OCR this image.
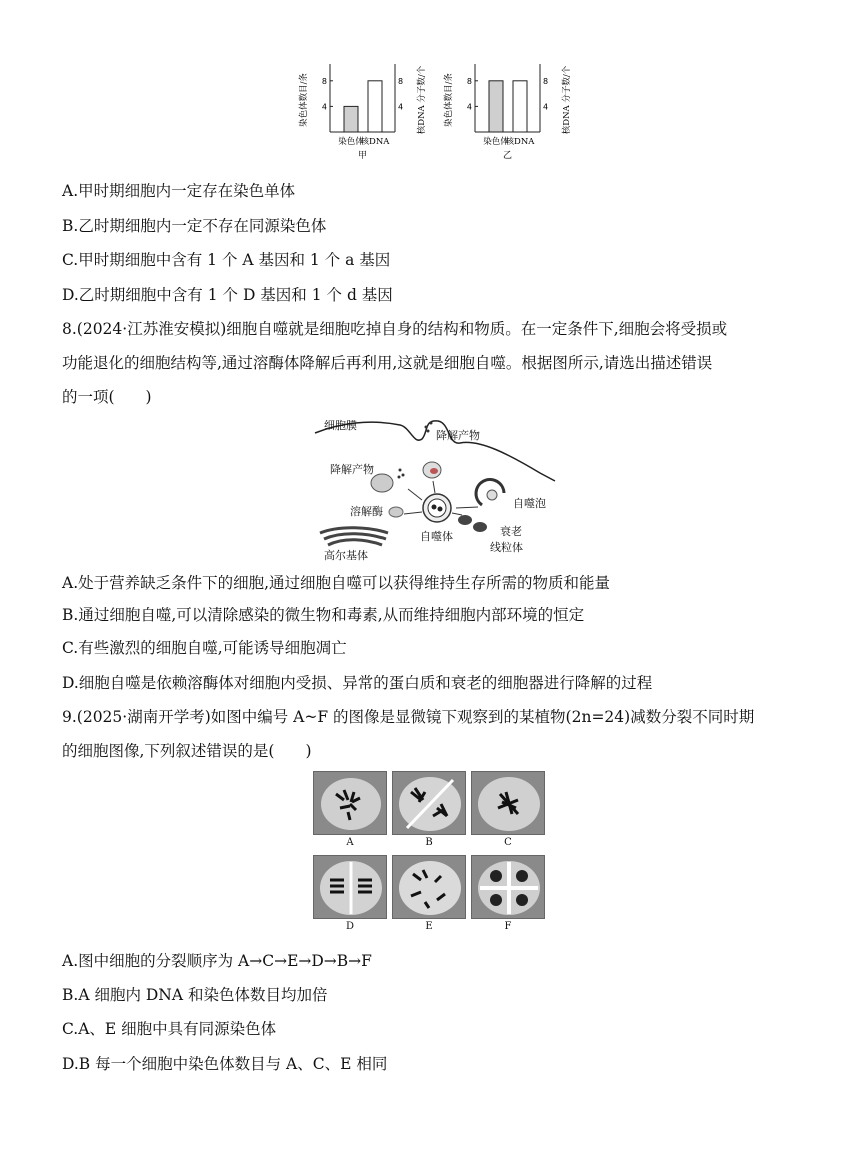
染色体数目/条	核DNA 分子数/个
4	4
8	8
染色体
核DNA
甲
染色体数目/条	核DNA 分子数/个
4	4
8	8
染色体
核DNA
乙
A.甲时期细胞内一定存在染色单体
B.乙时期细胞内一定不存在同源染色体
C.甲时期细胞中含有 1 个 A 基因和 1 个 a 基因
D.乙时期细胞中含有 1 个 D 基因和 1 个 d 基因
8.(2024·江苏淮安模拟)细胞自噬就是细胞吃掉自身的结构和物质。在一定条件下,细胞会将受损或
功能退化的细胞结构等,通过溶酶体降解后再利用,这就是细胞自噬。根据图所示,请选出描述错误
的一项(　　)
细胞膜
降解产物
降解产物
溶解酶
高尔基体
自噬体
自噬泡
衰老
线粒体
A.处于营养缺乏条件下的细胞,通过细胞自噬可以获得维持生存所需的物质和能量
B.通过细胞自噬,可以清除感染的微生物和毒素,从而维持细胞内部环境的恒定
C.有些激烈的细胞自噬,可能诱导细胞凋亡
D.细胞自噬是依赖溶酶体对细胞内受损、异常的蛋白质和衰老的细胞器进行降解的过程
9.(2025·湖南开学考)如图中编号 A~F 的图像是显微镜下观察到的某植物(2n=24)减数分裂不同时期
的细胞图像,下列叙述错误的是(　　)
A	B	C
D	E	F
A.图中细胞的分裂顺序为 A→C→E→D→B→F
B.A 细胞内 DNA 和染色体数目均加倍
C.A、E 细胞中具有同源染色体
D.B 每一个细胞中染色体数目与 A、C、E 相同
